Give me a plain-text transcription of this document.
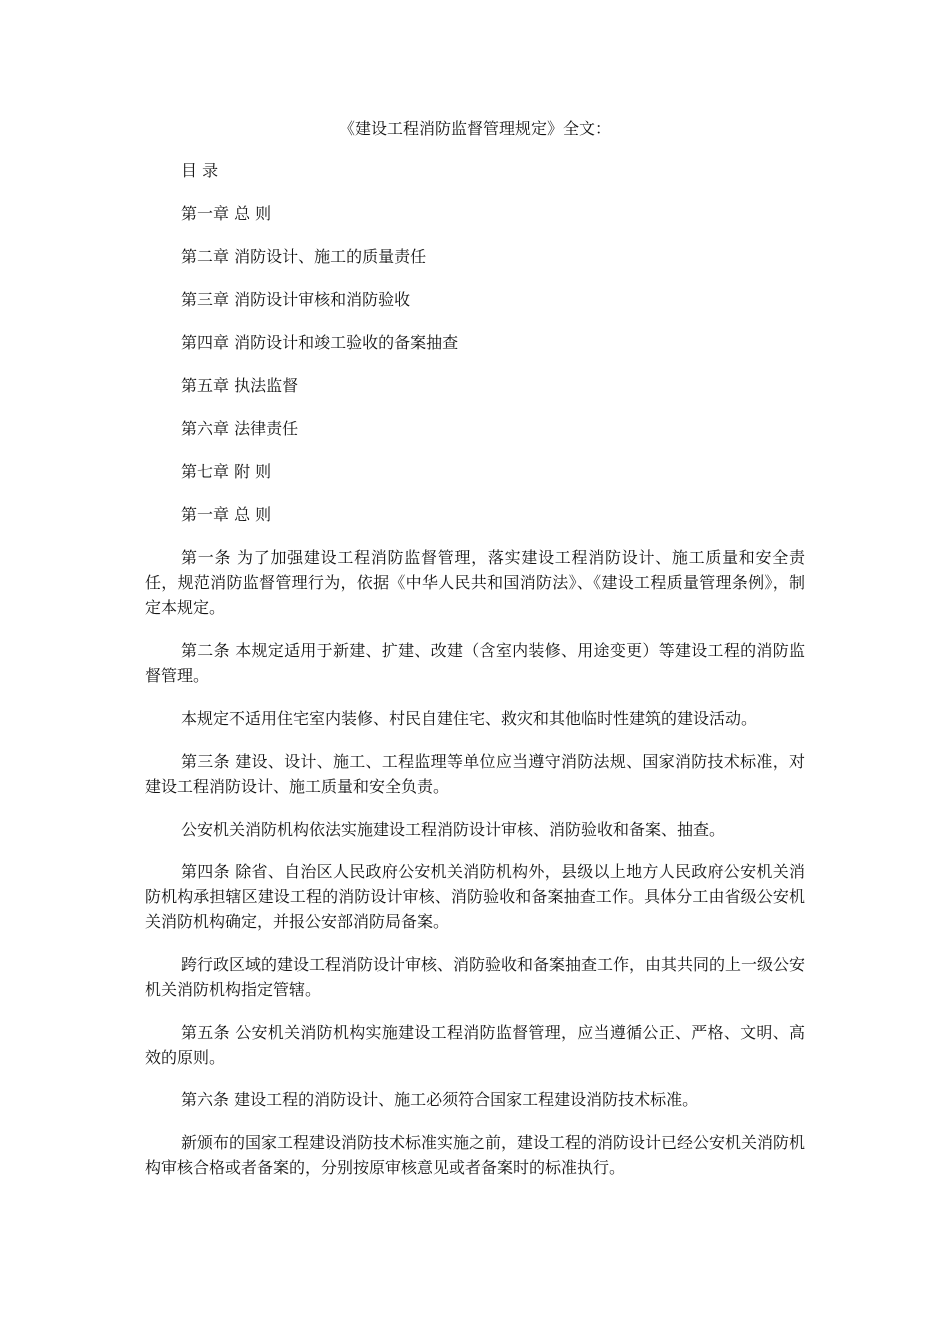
《建设工程消防监督管理规定》全文：
目 录
第一章 总 则
第二章 消防设计、施工的质量责任
第三章 消防设计审核和消防验收
第四章 消防设计和竣工验收的备案抽查
第五章 执法监督
第六章 法律责任
第七章 附 则
第一章 总 则
第一条 为了加强建设工程消防监督管理，落实建设工程消防设计、施工质量和安全责任，规范消防监督管理行为，依据《中华人民共和国消防法》、《建设工程质量管理条例》，制定本规定。
第二条 本规定适用于新建、扩建、改建（含室内装修、用途变更）等建设工程的消防监督管理。
本规定不适用住宅室内装修、村民自建住宅、救灾和其他临时性建筑的建设活动。
第三条 建设、设计、施工、工程监理等单位应当遵守消防法规、国家消防技术标准，对建设工程消防设计、施工质量和安全负责。
公安机关消防机构依法实施建设工程消防设计审核、消防验收和备案、抽查。
第四条 除省、自治区人民政府公安机关消防机构外，县级以上地方人民政府公安机关消防机构承担辖区建设工程的消防设计审核、消防验收和备案抽查工作。具体分工由省级公安机关消防机构确定，并报公安部消防局备案。
跨行政区域的建设工程消防设计审核、消防验收和备案抽查工作，由其共同的上一级公安机关消防机构指定管辖。
第五条 公安机关消防机构实施建设工程消防监督管理，应当遵循公正、严格、文明、高效的原则。
第六条 建设工程的消防设计、施工必须符合国家工程建设消防技术标准。
新颁布的国家工程建设消防技术标准实施之前，建设工程的消防设计已经公安机关消防机构审核合格或者备案的，分别按原审核意见或者备案时的标准执行。
